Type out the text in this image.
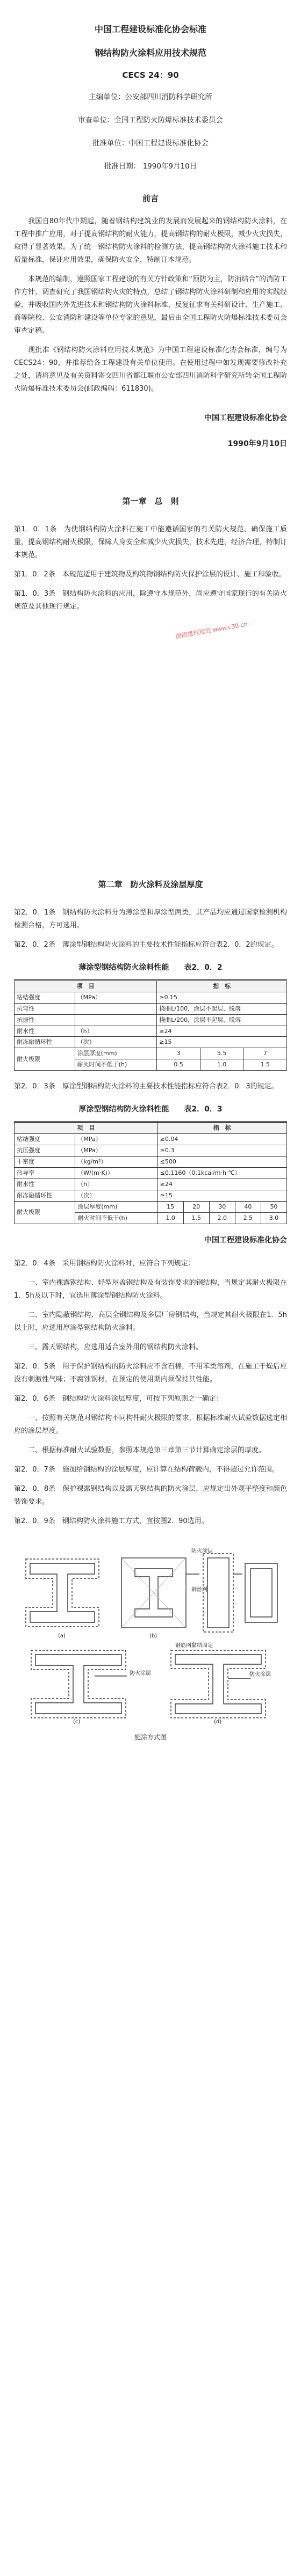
中国工程建设标准化协会标准
钢结构防火涂料应用技术规范
CECS 24：90
主编单位：公安部四川消防科学研究所
审查单位：全国工程防火防爆标准技术委员会
批准单位：中国工程建设标准化协会
批准日期： 1990年9月10日
前言

我国自80年代中期起，随着钢结构建筑业的发展而发展起来的钢结构防火涂料，在工程中推广应用，对于提高钢结构的耐火能力，提高钢结构的耐火极限，减少火灾损失，取得了显著效果。为了统一钢结构防火涂料的检测方法，提高钢结构防火涂料施工技术和质量标准，保证应用效果，确保防火安全，特制订本规范。

本规范的编制，遵照国家工程建设的有关方针政策和“预防为主，防消结合”的消防工作方针，调查研究了我国钢结构火灾的特点，总结了钢结构防火涂料研制和应用的实践经验，并吸收国内外先进技术和钢结构防火涂料标准，反复征求有关科研设计、生产施工、商等院校、公安消防和建设等单位专家的意见，最后由全国工程防火防爆标准技术委员会审查定稿。

现批准《钢结构防火涂料应用技术规范》为中国工程建设标准化协会标准，编号为CECS24：90，并推荐给各工程建设有关单位使用。在使用过程中如发现需要修改补充之处，请将意见及有关资料寄交四川省都江堰市公安部四川消防科学研究所转全国工程防火防爆标准技术委员会(邮政编码：611830)。

中国工程建设标准化协会
1990年9月10日
第一章　总　则

第1．0．1条　为使钢结构防火涂料在施工中能遵循国家的有关防火规范，确保施工质量，提高钢结构耐火极限，保障人身安全和减少火灾损失，技术先进，经济合理，特制订本规范。

第1．0．2条　本规范适用于建筑物及构筑物钢结构防火保护涂层的设计、施工和验收。

第1．0．3条　钢结构防火涂料的应用，除遵守本规范外，尚应遵守国家现行的有关防火规范及其他现行规定。

图朗建筑规范 www.c39.cn
第二章　防火涂料及涂层厚度

第2．0．1条　钢结构防火涂料分为薄涂型和厚涂型两类，其产品均应通过国家检测机构检测合格，方可选用。

第2．0．2条　薄涂型钢结构防火涂料的主要技术性能指标应符合表2．0．2的规定。

薄涂型钢结构防火涂料性能　　表2．0．2
项　目		指　标		
粘结强度	（MPa）	≥0.15		
抗弯性		挠曲L/100，涂层不起层、脱落		
抗振性		挠曲L/200，涂层不起层、脱落		
耐水性	（h）	≥24		
耐冻融循环性	（次）	≥15		
耐火极限	涂层厚度(mm)	3	5.5	7
	耐火时间不低于(h)	0.5	1.0	1.5

第2．0．3条　厚涂型钢结构防火涂料的主要技术性能指标应符合表2．0．3的规定。

厚涂型钢结构防火涂料性能　　表2．0．3
项　目		指　标				
粘结强度	（MPa）	≥0.04				
抗压强度	（MPa）	≥0.3				
干密度	（kg/m³）	≤500				
热导率	（W/(m·K)）	≤0.1160（0.1kcal/m·h·℃）				
耐水性	（h）	≥24				
耐冻融循环性	（次）	≥15				
耐火极限	涂层厚度(mm)	15	20	30	40	50
	耐火时间不低于(h)	1.0	1.5	2.0	2.5	3.0
中国工程建设标准化协会

第2．0．4条　采用钢结构防火涂料时，应符合下列规定：

一、室内裸露钢结构、轻型屋盖钢结构及有装饰要求的钢结构，当规定其耐火极限在1．5h及以下时，宜选用薄涂型钢结构防火涂料。

二、室内隐蔽钢结构、高层全钢结构及多层厂房钢结构，当规定其耐火极限在1．5h以上时，应选用厚涂型钢结构防火涂料。

三、露天钢结构，应选用适合室外用的钢结构防火涂料。

第2．0．5条　用于保护钢结构的防火涂料应不含石棉，不用苯类溶剂，在施工干燥后应没有刺激性气味；不腐蚀钢材，在预定的使用期内须保持其性能。

第2．0．6条　钢结构防火涂料涂层厚度，可按下列原则之一确定：

一、按照有关规范对钢结构不同构件耐火极限的要求，根据标准耐火试验数据选定相应的涂层厚度。

二、根据标准耐火试验数据，参照本规范第三章第三节计算确定涂层的厚度。

第2．0．7条　施加给钢结构的涂层厚度，应计算在结构荷载内，不得超过允许范围。

第2．0．8条　保护裸露钢结构以及露天钢结构的防火涂层，应规定出外观平整度和颜色装饰要求。

第2．0．9条　钢结构防火涂料施工方式，宜按图2．90选用。

防火涂层
钢丝网
防火涂层	防火涂层
钢筋网黏结固定
(a)	(b)
(c)	(d)
施涂方式图
